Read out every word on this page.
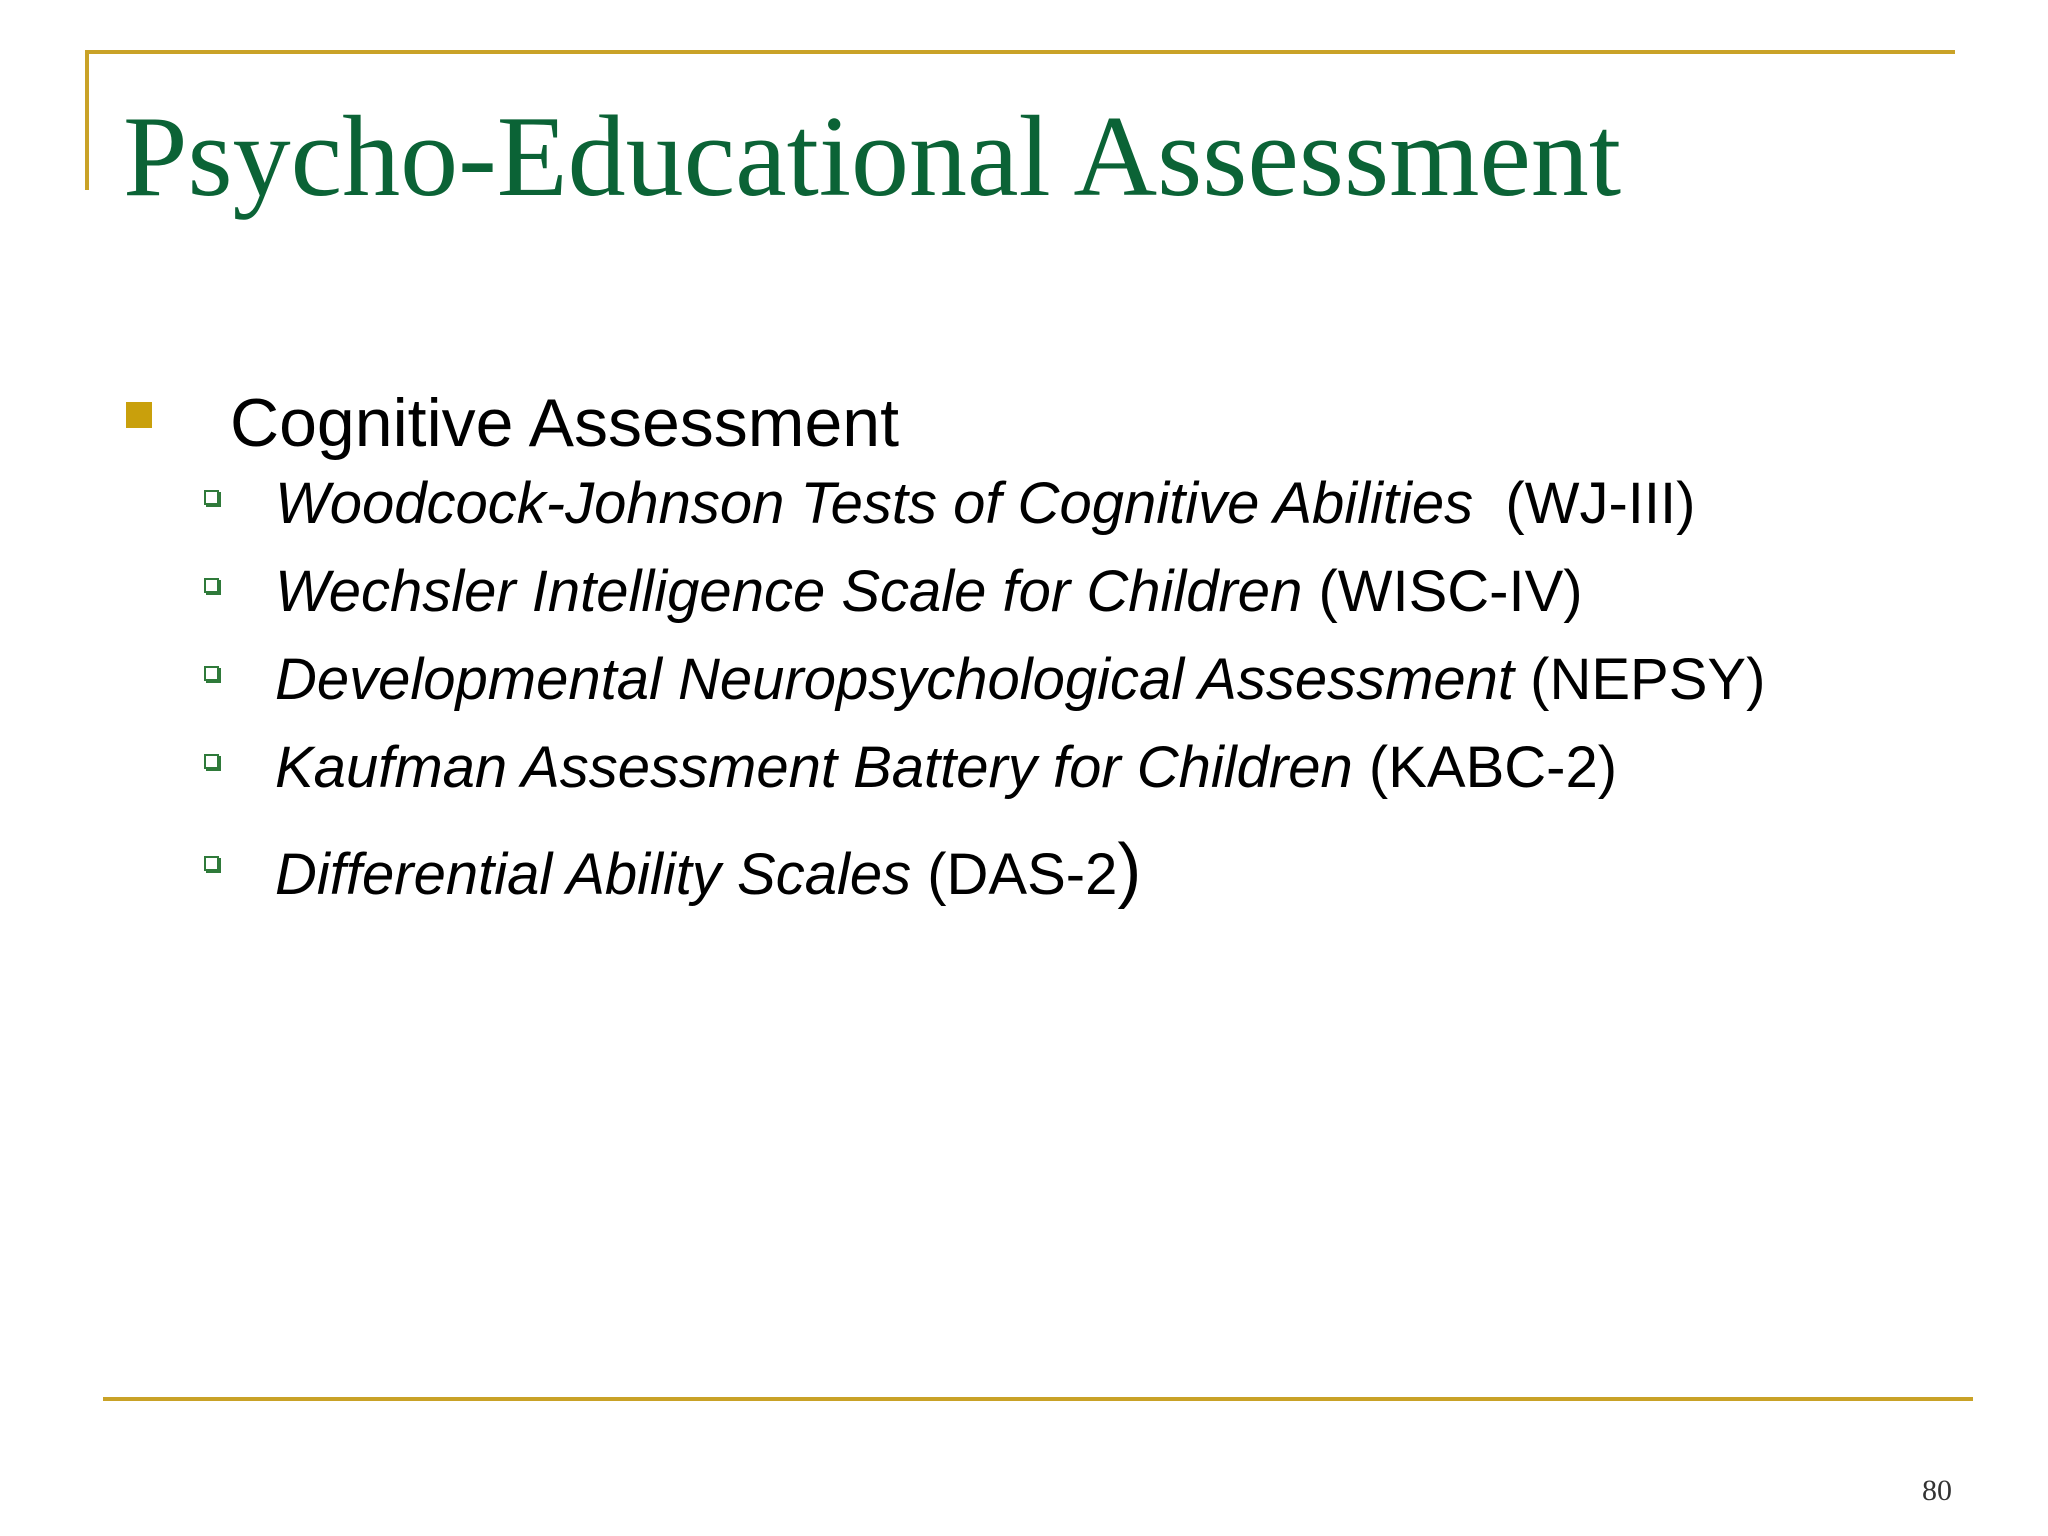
Psycho-Educational Assessment
Cognitive Assessment
Woodcock-Johnson Tests of Cognitive Abilities  (WJ-III)
Wechsler Intelligence Scale for Children (WISC-IV)
Developmental Neuropsychological Assessment (NEPSY)
Kaufman Assessment Battery for Children (KABC-2)
Differential Ability Scales (DAS-2)
80
